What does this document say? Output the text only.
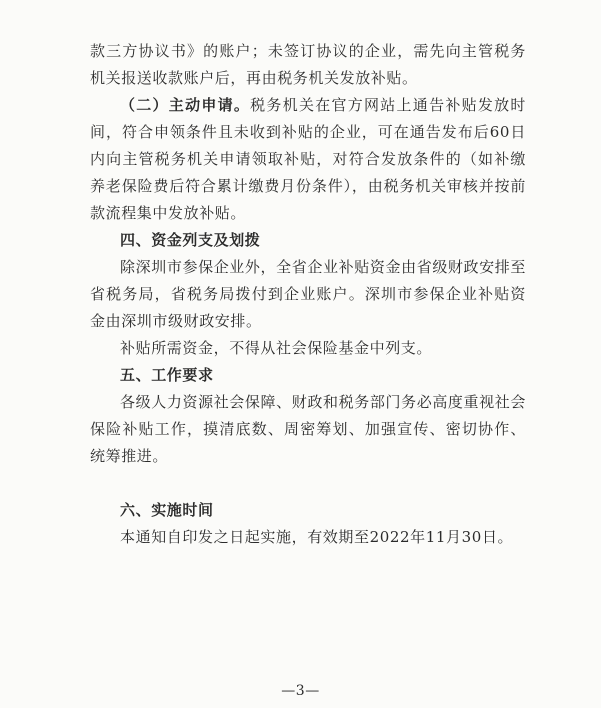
款三方协议书》的账户；未签订协议的企业，需先向主管税务机关报送收款账户后，再由税务机关发放补贴。

（二）主动申请。税务机关在官方网站上通告补贴发放时间，符合申领条件且未收到补贴的企业，可在通告发布后60日内向主管税务机关申请领取补贴，对符合发放条件的（如补缴养老保险费后符合累计缴费月份条件），由税务机关审核并按前款流程集中发放补贴。

四、资金列支及划拨

除深圳市参保企业外，全省企业补贴资金由省级财政安排至省税务局，省税务局拨付到企业账户。深圳市参保企业补贴资金由深圳市级财政安排。

补贴所需资金，不得从社会保险基金中列支。

五、工作要求

各级人力资源社会保障、财政和税务部门务必高度重视社会保险补贴工作，摸清底数、周密筹划、加强宣传、密切协作、统筹推进。

六、实施时间

本通知自印发之日起实施，有效期至2022年11月30日。

—3—
